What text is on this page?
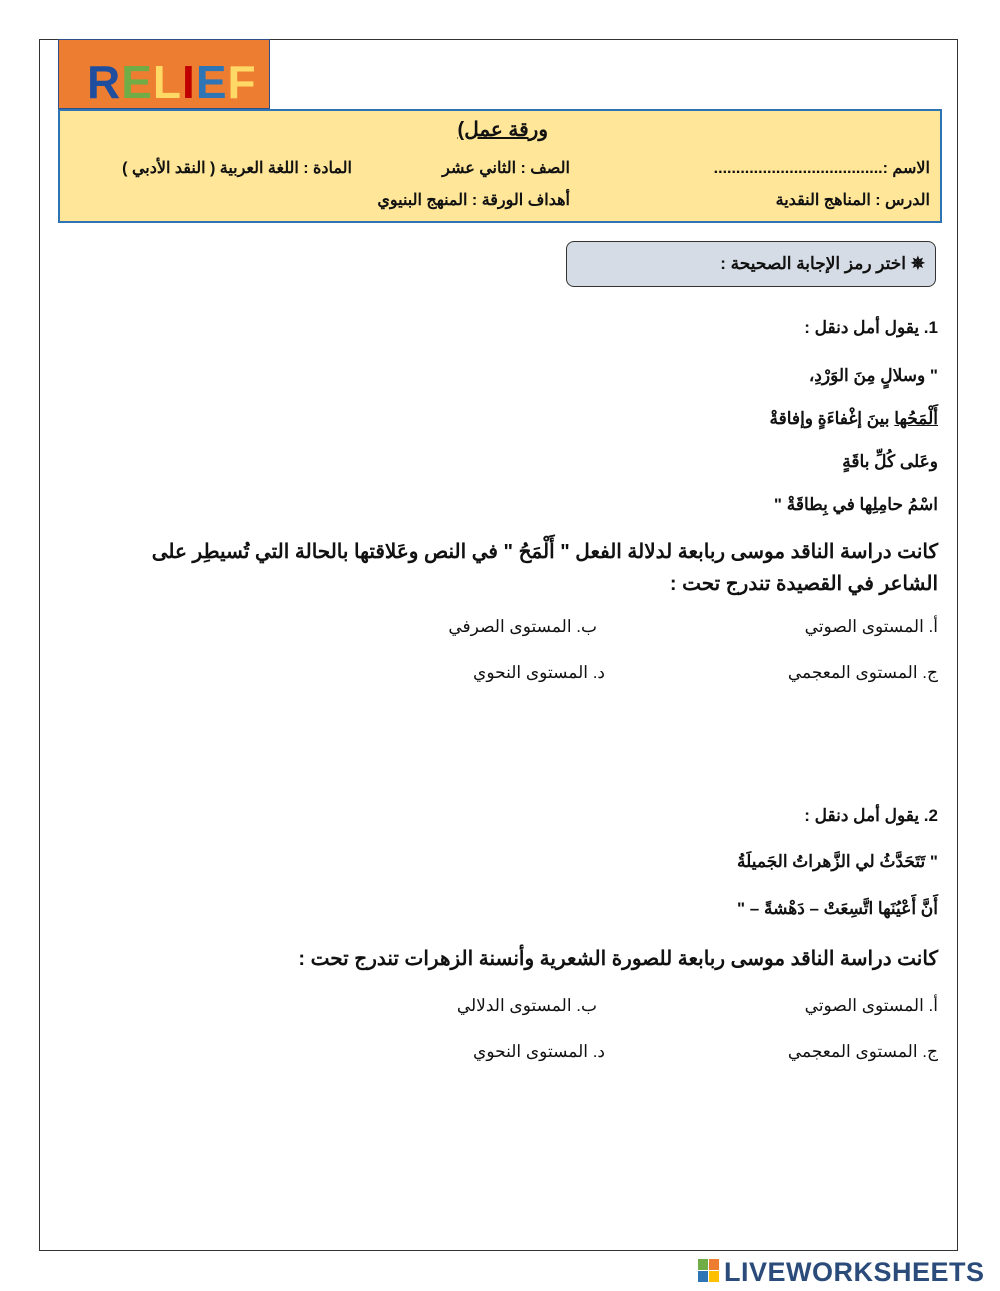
RELIEF
ورقة عمل)
الاسم :......................................
الصف : الثاني عشر
المادة : اللغة العربية ( النقد الأدبي )
الدرس : المناهج النقدية
أهداف الورقة : المنهج البنيوي
✵ اختر رمز الإجابة الصحيحة :
1. يقول أمل دنقل :
" وسلالٍ مِنَ الوَرْدِ،
أَلْمَحُها بينَ إغْفاءَةٍ وإفاقةْ
وعَلى كُلِّ باقَةٍ
اسْمُ حامِلِها في بِطاقَةْ "
كانت دراسة الناقد موسى ربابعة لدلالة الفعل " أَلْمَحُ " في النص وعَلاقتها بالحالة التي تُسيطِر على
الشاعر في القصيدة تندرج تحت :
أ. المستوى الصوتي
ب. المستوى الصرفي
ج. المستوى المعجمي
د. المستوى النحوي
2. يقول أمل دنقل :
" تَتَحَدَّثُ لي الزَّهراتُ الجَميلَةُ
أَنَّ أَعْيُنَها اتَّسِعَتْ – دَهْشةً – "
كانت دراسة الناقد موسى ربابعة للصورة الشعرية وأنسنة الزهرات تندرج تحت :
أ. المستوى الصوتي
ب. المستوى الدلالي
ج. المستوى المعجمي
د. المستوى النحوي
LIVEWORKSHEETS
